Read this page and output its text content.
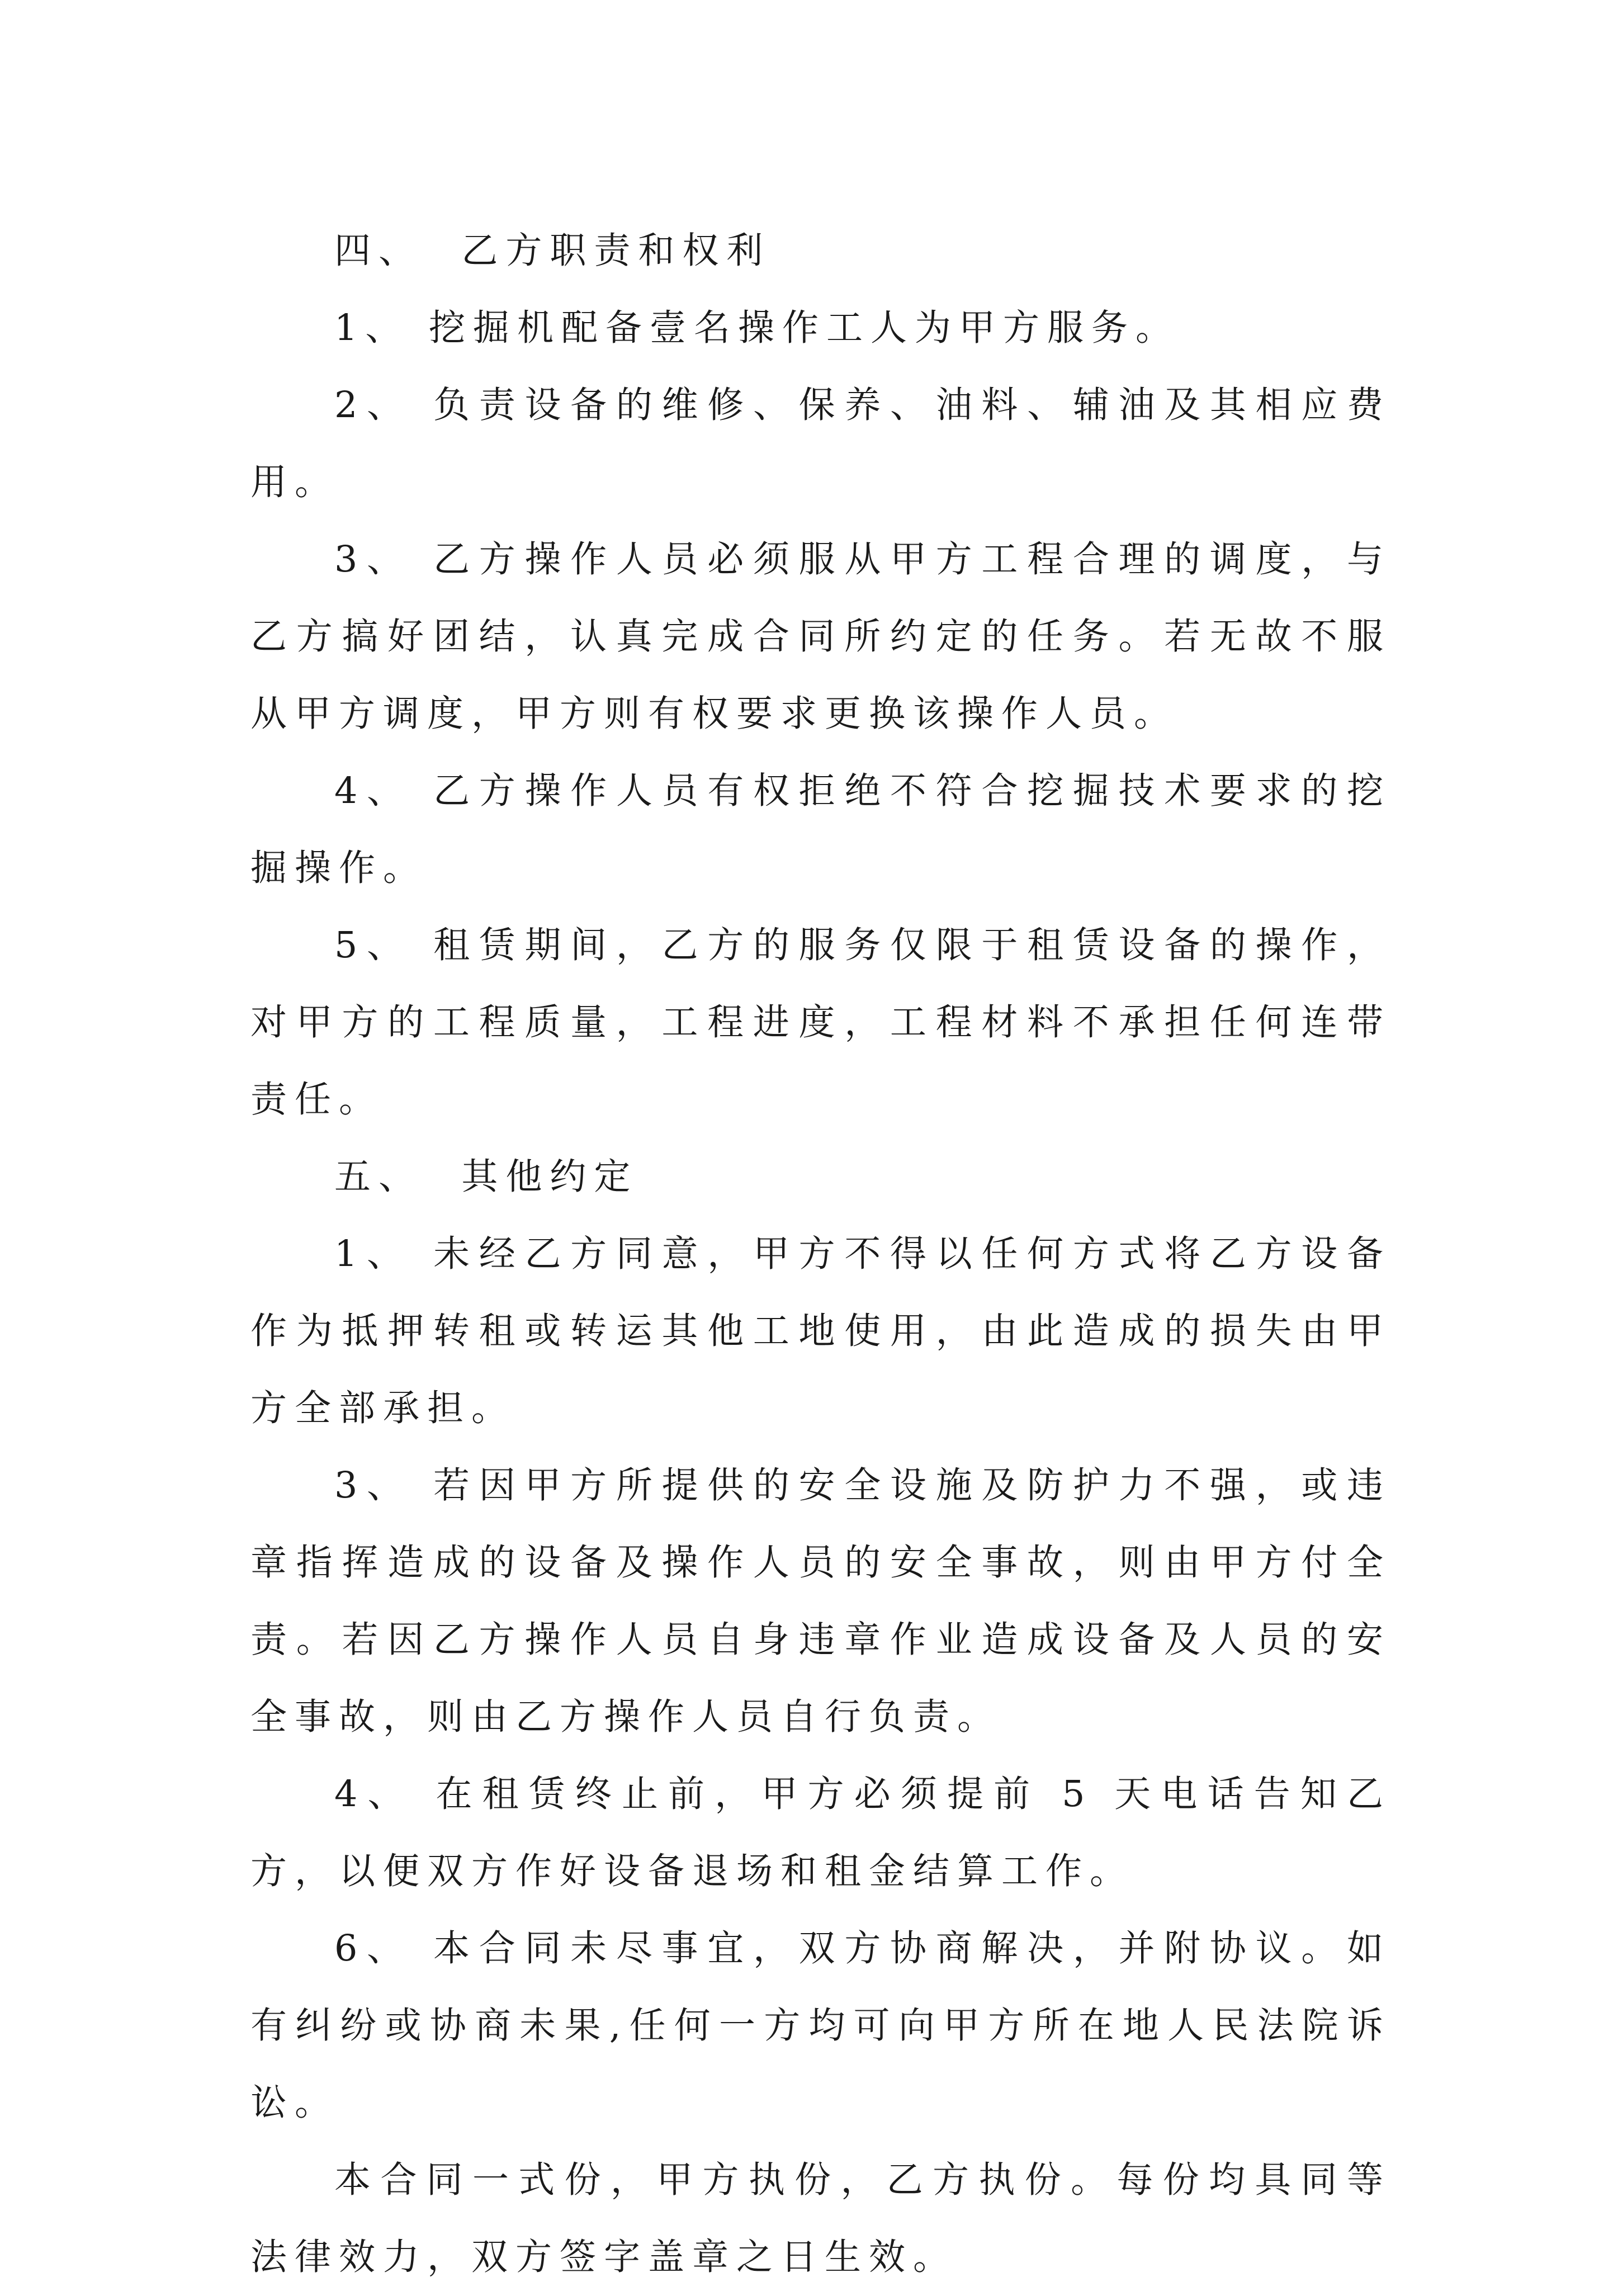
四、  乙方职责和权利

1、 挖掘机配备壹名操作工人为甲方服务。

2、 负责设备的维修、保养、油料、辅油及其相应费用。

3、 乙方操作人员必须服从甲方工程合理的调度，与乙方搞好团结，认真完成合同所约定的任务。若无故不服从甲方调度，甲方则有权要求更换该操作人员。

4、 乙方操作人员有权拒绝不符合挖掘技术要求的挖掘操作。

5、 租赁期间，乙方的服务仅限于租赁设备的操作，对甲方的工程质量，工程进度，工程材料不承担任何连带责任。

五、  其他约定

1、 未经乙方同意，甲方不得以任何方式将乙方设备作为抵押转租或转运其他工地使用，由此造成的损失由甲方全部承担。

3、 若因甲方所提供的安全设施及防护力不强，或违章指挥造成的设备及操作人员的安全事故，则由甲方付全责。若因乙方操作人员自身违章作业造成设备及人员的安全事故，则由乙方操作人员自行负责。

4、 在租赁终止前，甲方必须提前 5 天电话告知乙方，以便双方作好设备退场和租金结算工作。

6、 本合同未尽事宜，双方协商解决，并附协议。如有纠纷或协商未果,任何一方均可向甲方所在地人民法院诉讼。

本合同一式份，甲方执份，乙方执份。每份均具同等法律效力，双方签字盖章之日生效。
